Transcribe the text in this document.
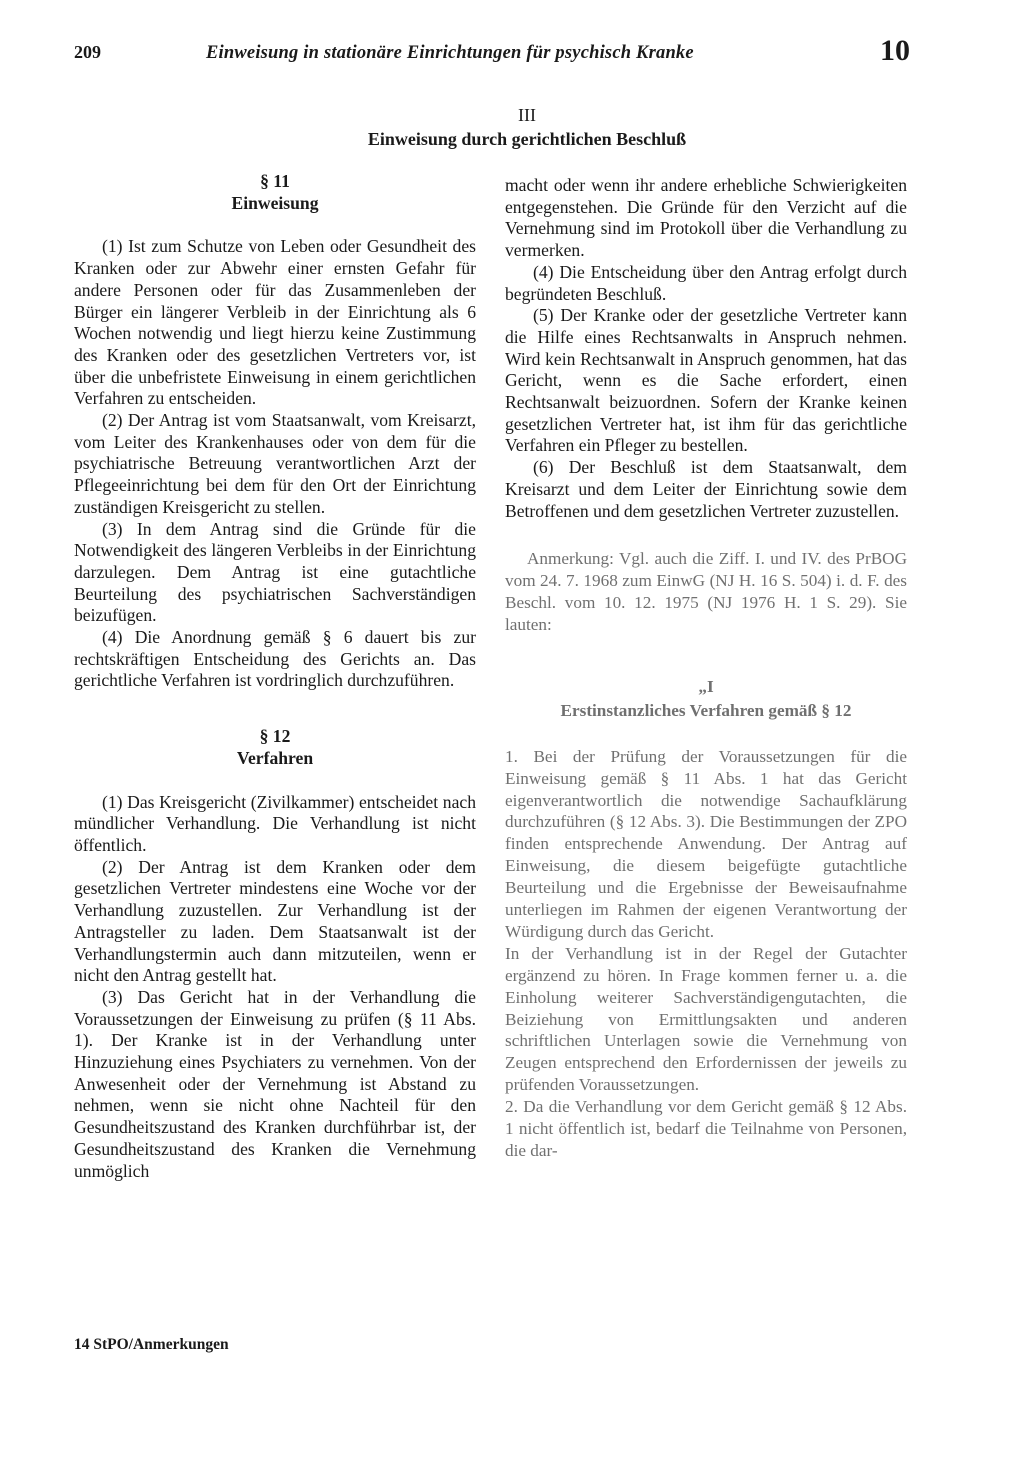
209	Einweisung in stationäre Einrichtungen für psychisch Kranke	10
III
Einweisung durch gerichtlichen Beschluß

§ 11

Einweisung

(1) Ist zum Schutze von Leben oder Gesundheit des Kranken oder zur Abwehr einer ernsten Gefahr für andere Personen oder für das Zusammenleben der Bürger ein längerer Verbleib in der Einrichtung als 6 Wochen notwendig und liegt hierzu keine Zustimmung des Kranken oder des gesetzlichen Vertreters vor, ist über die unbefristete Einweisung in einem gerichtlichen Verfahren zu entscheiden.

(2) Der Antrag ist vom Staatsanwalt, vom Kreisarzt, vom Leiter des Krankenhauses oder von dem für die psychiatrische Betreuung verantwortlichen Arzt der Pflegeeinrichtung bei dem für den Ort der Einrichtung zuständigen Kreisgericht zu stellen.

(3) In dem Antrag sind die Gründe für die Notwendigkeit des längeren Verbleibs in der Einrichtung darzulegen. Dem Antrag ist eine gutachtliche Beurteilung des psychiatrischen Sachverständigen beizufügen.

(4) Die Anordnung gemäß § 6 dauert bis zur rechtskräftigen Entscheidung des Gerichts an. Das gerichtliche Verfahren ist vordringlich durchzuführen.

§ 12

Verfahren

(1) Das Kreisgericht (Zivilkammer) entscheidet nach mündlicher Verhandlung. Die Verhandlung ist nicht öffentlich.

(2) Der Antrag ist dem Kranken oder dem gesetzlichen Vertreter mindestens eine Woche vor der Verhandlung zuzustellen. Zur Verhandlung ist der Antragsteller zu laden. Dem Staatsanwalt ist der Verhandlungstermin auch dann mitzuteilen, wenn er nicht den Antrag gestellt hat.

(3) Das Gericht hat in der Verhandlung die Voraussetzungen der Einweisung zu prüfen (§ 11 Abs. 1). Der Kranke ist in der Verhandlung unter Hinzuziehung eines Psychiaters zu vernehmen. Von der Anwesenheit oder der Vernehmung ist Abstand zu nehmen, wenn sie nicht ohne Nachteil für den Gesundheitszustand des Kranken durchführbar ist, der Gesundheitszustand des Kranken die Vernehmung unmöglich

macht oder wenn ihr andere erhebliche Schwierigkeiten entgegenstehen. Die Gründe für den Verzicht auf die Vernehmung sind im Protokoll über die Verhandlung zu vermerken.

(4) Die Entscheidung über den Antrag erfolgt durch begründeten Beschluß.

(5) Der Kranke oder der gesetzliche Vertreter kann die Hilfe eines Rechtsanwalts in Anspruch nehmen. Wird kein Rechtsanwalt in Anspruch genommen, hat das Gericht, wenn es die Sache erfordert, einen Rechtsanwalt beizuordnen. Sofern der Kranke keinen gesetzlichen Vertreter hat, ist ihm für das gerichtliche Verfahren ein Pfleger zu bestellen.

(6) Der Beschluß ist dem Staatsanwalt, dem Kreisarzt und dem Leiter der Einrichtung sowie dem Betroffenen und dem gesetzlichen Vertreter zuzustellen.

Anmerkung: Vgl. auch die Ziff. I. und IV. des PrBOG vom 24. 7. 1968 zum EinwG (NJ H. 16 S. 504) i. d. F. des Beschl. vom 10. 12. 1975 (NJ 1976 H. 1 S. 29). Sie lauten:

„I

Erstinstanzliches Verfahren gemäß § 12

1. Bei der Prüfung der Voraussetzungen für die Einweisung gemäß § 11 Abs. 1 hat das Gericht eigenverantwortlich die notwendige Sachaufklärung durchzuführen (§ 12 Abs. 3). Die Bestimmungen der ZPO finden entsprechende Anwendung. Der Antrag auf Einweisung, die diesem beigefügte gutachtliche Beurteilung und die Ergebnisse der Beweisaufnahme unterliegen im Rahmen der eigenen Verantwortung der Würdigung durch das Gericht.

In der Verhandlung ist in der Regel der Gutachter ergänzend zu hören. In Frage kommen ferner u. a. die Einholung weiterer Sachverständigengutachten, die Beiziehung von Ermittlungsakten und anderen schriftlichen Unterlagen sowie die Vernehmung von Zeugen entsprechend den Erfordernissen der jeweils zu prüfenden Voraussetzungen.

2. Da die Verhandlung vor dem Gericht gemäß § 12 Abs. 1 nicht öffentlich ist, bedarf die Teilnahme von Personen, die dar-

14 StPO/Anmerkungen
